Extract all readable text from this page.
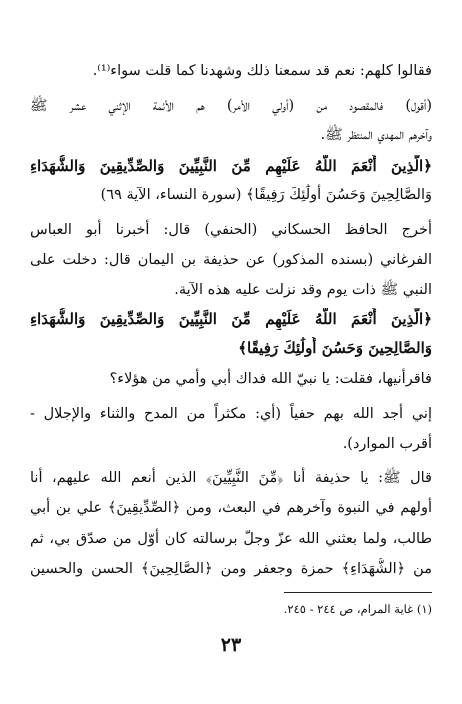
فقالوا كلهم: نعم قد سمعنا ذلك وشهدنا كما قلت سواء⁽¹⁾.
(أقول) فالمقصود من (أولي الأمر) هم الأئمة الإثني عشر ﷺ
وآخرهم المهدي المنتظر ﷺ.
﴿الَّذِينَ أَنْعَمَ اللَّهُ عَلَيْهِم مِّنَ النَّبِيِّينَ وَالصِّدِّيقِينَ وَالشُّهَدَاءِ
وَالصَّالِحِينَ وَحَسُنَ أُولَٰئِكَ رَفِيقًا﴾ (سورة النساء، الآية ٦٩)
أخرج الحافظ الحسكاني (الحنفي) قال: أخبرنا أبو العباس
الفرغاني (بسنده المذكور) عن حذيفة بن اليمان قال: دخلت على
النبي ﷺ ذات يوم وقد نزلت عليه هذه الآية.
﴿الَّذِينَ أَنْعَمَ اللَّهُ عَلَيْهِم مِّنَ النَّبِيِّينَ وَالصِّدِّيقِينَ وَالشُّهَدَاءِ
وَالصَّالِحِينَ وَحَسُنَ أُولَٰئِكَ رَفِيقًا﴾
فاقرأنيها، فقلت: يا نبيّ الله فداك أبي وأمي من هؤلاء؟
إني أجد الله بهم حفياً (أي: مكثراً من المدح والثناء والإجلال -
أقرب الموارد).
قال ﷺ: يا حذيفة أنا ﴿مِّنَ النَّبِيِّينَ﴾ الذين أنعم الله عليهم، أنا
أولهم في النبوة وآخرهم في البعث، ومن ﴿الصِّدِّيقِينَ﴾ علي بن أبي
طالب، ولما بعثني الله عزّ وجلّ برسالته كان أوّل من صدّق بي، ثم
من ﴿الشُّهَدَاءِ﴾ حمزة وجعفر ومن ﴿الصَّالِحِينَ﴾ الحسن والحسين
(١) غاية المرام، ص ٢٤٤ - ٢٤٥.
٢٣
